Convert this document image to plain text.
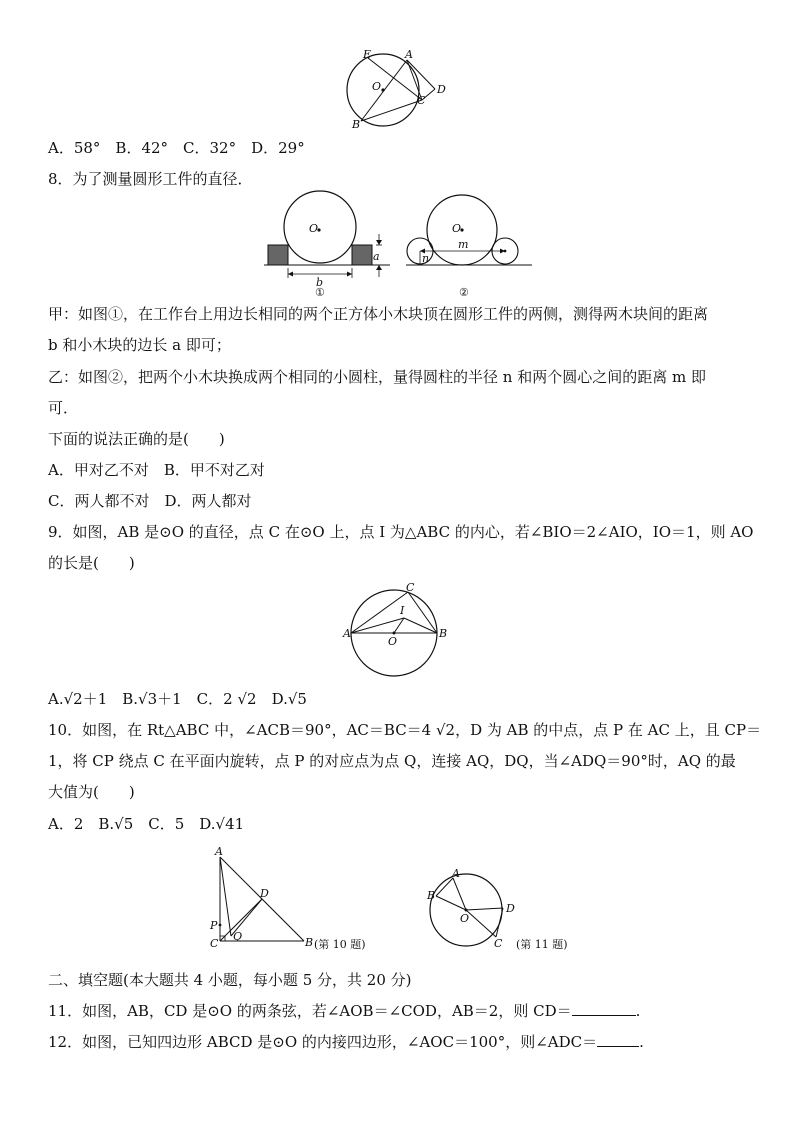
E	A
O
C
D
B
A．58°　B．42°　C．32°　D．29°
8．为了测量圆形工件的直径．
O
a
b
①
O
n
m
②
甲：如图①，在工作台上用边长相同的两个正方体小木块顶在圆形工件的两侧，测得两木块间的距离
b 和小木块的边长 a 即可；
乙：如图②，把两个小木块换成两个相同的小圆柱，量得圆柱的半径 n 和两个圆心之间的距离 m 即
可．
下面的说法正确的是(　　)
A．甲对乙不对　B．甲不对乙对
C．两人都不对　D．两人都对
9．如图，AB 是⊙O 的直径，点 C 在⊙O 上，点 I 为△ABC 的内心，若∠BIO＝2∠AIO，IO＝1，则 AO
的长是(　　)
C
I
A	B
O
A.√2＋1　B.√3＋1　C．2 √2　D.√5
10．如图，在 Rt△ABC 中，∠ACB＝90°，AC＝BC＝4 √2，D 为 AB 的中点，点 P 在 AC 上，且 CP＝
1，将 CP 绕点 C 在平面内旋转，点 P 的对应点为点 Q，连接 AQ，DQ，当∠ADQ＝90°时，AQ 的最
大值为(　　)
A．2　B.√5　C．5　D.√41
A
D
P
C
Q	B (第 10 题)
A
B
O
D
C (第 11 题)
二、填空题(本大题共 4 小题，每小题 5 分，共 20 分)
11．如图，AB，CD 是⊙O 的两条弦，若∠AOB＝∠COD，AB＝2，则 CD＝	.
12．如图，已知四边形 ABCD 是⊙O 的内接四边形，∠AOC＝100°，则∠ADC＝	.
